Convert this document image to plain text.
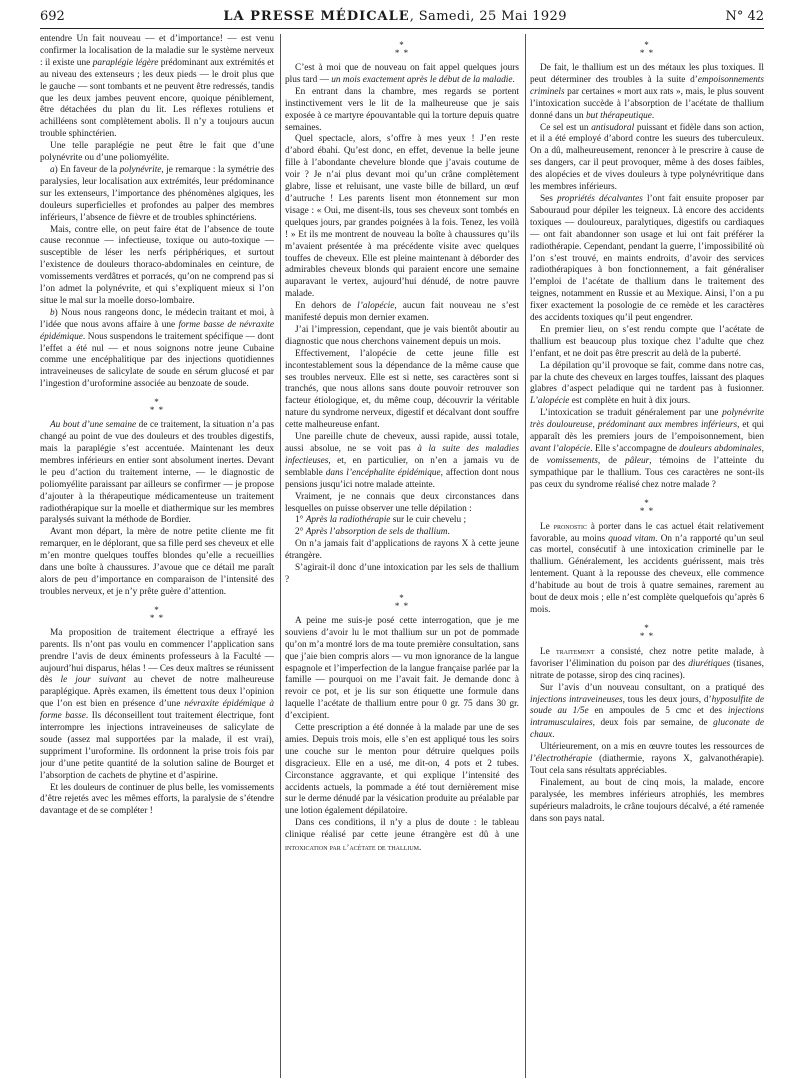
692	LA PRESSE MÉDICALE, Samedi, 25 Mai 1929	N° 42

entendre Un fait nouveau — et d’importance! — est venu confirmer la localisation de la maladie sur le système nerveux : il existe une paraplégie légère prédominant aux extrémités et au niveau des extenseurs ; les deux pieds — le droit plus que le gauche — sont tombants et ne peuvent être redressés, tandis que les deux jambes peuvent encore, quoique péniblement, être détachées du plan du lit. Les réflexes rotuliens et achilléens sont complètement abolis. Il n’y a toujours aucun trouble sphinctérien.

Une telle paraplégie ne peut être le fait que d’une polynévrite ou d’une poliomyélite.

a) En faveur de la polynévrite, je remarque : la symétrie des paralysies, leur localisation aux extrémités, leur prédominance sur les extenseurs, l’importance des phénomènes algiques, les douleurs superficielles et profondes au palper des membres inférieurs, l’absence de fièvre et de troubles sphinctériens.

Mais, contre elle, on peut faire état de l’absence de toute cause reconnue — infectieuse, toxique ou auto-toxique — susceptible de léser les nerfs périphériques, et surtout l’existence de douleurs thoraco-abdominales en ceinture, de vomissements verdâtres et porracés, qu’on ne comprend pas si l’on admet la polynévrite, et qui s’expliquent mieux si l’on situe le mal sur la moelle dorso-lombaire.

b) Nous nous rangeons donc, le médecin traitant et moi, à l’idée que nous avons affaire à une forme basse de névraxite épidémique. Nous suspendons le traitement spécifique — dont l’effet a été nul — et nous soignons notre jeune Cubaine comme une encéphalitique par des injections quotidiennes intraveineuses de salicylate de soude en sérum glucosé et par l’ingestion d’uroformine associée au benzoate de soude.

*
* *

Au bout d’une semaine de ce traitement, la situation n’a pas changé au point de vue des douleurs et des troubles digestifs, mais la paraplégie s’est accentuée. Maintenant les deux membres inférieurs en entier sont absolument inertes. Devant le peu d’action du traitement interne, — le diagnostic de poliomyélite paraissant par ailleurs se confirmer — je propose d’ajouter à la thérapeutique médicamenteuse un traitement radiothérapique sur la moelle et diathermique sur les membres paralysés suivant la méthode de Bordier.

Avant mon départ, la mère de notre petite cliente me fit remarquer, en le déplorant, que sa fille perd ses cheveux et elle m’en montre quelques touffes blondes qu’elle a recueillies dans une boîte à chaussures. J’avoue que ce détail me paraît alors de peu d’importance en comparaison de l’intensité des troubles nerveux, et je n’y prête guère d’attention.

*
* *

Ma proposition de traitement électrique a effrayé les parents. Ils n’ont pas voulu en commencer l’application sans prendre l’avis de deux éminents professeurs à la Faculté — aujourd’hui disparus, hélas ! — Ces deux maîtres se réunissent dès le jour suivant au chevet de notre malheureuse paraplégique. Après examen, ils émettent tous deux l’opinion que l’on est bien en présence d’une névraxite épidémique à forme basse. Ils déconseillent tout traitement électrique, font interrompre les injections intraveineuses de salicylate de soude (assez mal supportées par la malade, il est vrai), suppriment l’uroformine. Ils ordonnent la prise trois fois par jour d’une petite quantité de la solution saline de Bourget et l’absorption de cachets de phytine et d’aspirine.

Et les douleurs de continuer de plus belle, les vomissements d’être rejetés avec les mêmes efforts, la paralysie de s’étendre davantage et de se compléter !

*
* *

C’est à moi que de nouveau on fait appel quelques jours plus tard — un mois exactement après le début de la maladie.

En entrant dans la chambre, mes regards se portent instinctivement vers le lit de la malheureuse que je sais exposée à ce martyre épouvantable qui la torture depuis quatre semaines.

Quel spectacle, alors, s’offre à mes yeux ! J’en reste d’abord ébahi. Qu’est donc, en effet, devenue la belle jeune fille à l’abondante chevelure blonde que j’avais coutume de voir ? Je n’ai plus devant moi qu’un crâne complètement glabre, lisse et reluisant, une vaste bille de billard, un œuf d’autruche ! Les parents lisent mon étonnement sur mon visage : « Oui, me disent-ils, tous ses cheveux sont tombés en quelques jours, par grandes poignées à la fois. Tenez, les voilà ! » Et ils me montrent de nouveau la boîte à chaussures qu’ils m’avaient présentée à ma précédente visite avec quelques touffes de cheveux. Elle est pleine maintenant à déborder des admirables cheveux blonds qui paraient encore une semaine auparavant le vertex, aujourd’hui dénudé, de notre pauvre malade.

En dehors de l’alopécie, aucun fait nouveau ne s’est manifesté depuis mon dernier examen.

J’ai l’impression, cependant, que je vais bientôt aboutir au diagnostic que nous cherchons vainement depuis un mois.

Effectivement, l’alopécie de cette jeune fille est incontestablement sous la dépendance de la même cause que ses troubles nerveux. Elle est si nette, ses caractères sont si tranchés, que nous allons sans doute pouvoir retrouver son facteur étiologique, et, du même coup, découvrir la véritable nature du syndrome nerveux, digestif et décalvant dont souffre cette malheureuse enfant.

Une pareille chute de cheveux, aussi rapide, aussi totale, aussi absolue, ne se voit pas à la suite des maladies infectieuses, et, en particulier, on n’en a jamais vu de semblable dans l’encéphalite épidémique, affection dont nous pensions jusqu’ici notre malade atteinte.

Vraiment, je ne connais que deux circonstances dans lesquelles on puisse observer une telle dépilation :

1° Après la radiothérapie sur le cuir chevelu ;

2° Après l’absorption de sels de thallium.

On n’a jamais fait d’applications de rayons X à cette jeune étrangère.

S’agirait-il donc d’une intoxication par les sels de thallium ?

*
* *

A peine me suis-je posé cette interrogation, que je me souviens d’avoir lu le mot thallium sur un pot de pommade qu’on m’a montré lors de ma toute première consultation, sans que j’aie bien compris alors — vu mon ignorance de la langue espagnole et l’imperfection de la langue française parlée par la famille — pourquoi on me l’avait fait. Je demande donc à revoir ce pot, et je lis sur son étiquette une formule dans laquelle l’acétate de thallium entre pour 0 gr. 75 dans 30 gr. d’excipient.

Cette prescription a été donnée à la malade par une de ses amies. Depuis trois mois, elle s’en est appliqué tous les soirs une couche sur le menton pour détruire quelques poils disgracieux. Elle en a usé, me dit-on, 4 pots et 2 tubes. Circonstance aggravante, et qui explique l’intensité des accidents actuels, la pommade a été tout dernièrement mise sur le derme dénudé par la vésication produite au préalable par une lotion également dépilatoire.

Dans ces conditions, il n’y a plus de doute : le tableau clinique réalisé par cette jeune étrangère est dû à une intoxication par l’acétate de thallium.

*
* *

De fait, le thallium est un des métaux les plus toxiques. Il peut déterminer des troubles à la suite d’empoisonnements criminels par certaines « mort aux rats », mais, le plus souvent l’intoxication succède à l’absorption de l’acétate de thallium donné dans un but thérapeutique.

Ce sel est un antisudoral puissant et fidèle dans son action, et il a été employé d’abord contre les sueurs des tuberculeux. On a dû, malheureusement, renoncer à le prescrire à cause de ses dangers, car il peut provoquer, même à des doses faibles, des alopécies et de vives douleurs à type polynévritique dans les membres inférieurs.

Ses propriétés décalvantes l’ont fait ensuite proposer par Sabouraud pour dépiler les teigneux. Là encore des accidents toxiques — douloureux, paralytiques, digestifs ou cardiaques — ont fait abandonner son usage et lui ont fait préférer la radiothérapie. Cependant, pendant la guerre, l’impossibilité où l’on s’est trouvé, en maints endroits, d’avoir des services radiothérapiques à bon fonctionnement, a fait généraliser l’emploi de l’acétate de thallium dans le traitement des teignes, notamment en Russie et au Mexique. Ainsi, l’on a pu fixer exactement la posologie de ce remède et les caractères des accidents toxiques qu’il peut engendrer.

En premier lieu, on s’est rendu compte que l’acétate de thallium est beaucoup plus toxique chez l’adulte que chez l’enfant, et ne doit pas être prescrit au delà de la puberté.

La dépilation qu’il provoque se fait, comme dans notre cas, par la chute des cheveux en larges touffes, laissant des plaques glabres d’aspect peladique qui ne tardent pas à fusionner. L’alopécie est complète en huit à dix jours.

L’intoxication se traduit généralement par une polynévrite très douloureuse, prédominant aux membres inférieurs, et qui apparaît dès les premiers jours de l’empoisonnement, bien avant l’alopécie. Elle s’accompagne de douleurs abdominales, de vomissements, de pâleur, témoins de l’atteinte du sympathique par le thallium. Tous ces caractères ne sont-ils pas ceux du syndrome réalisé chez notre malade ?

*
* *

Le pronostic à porter dans le cas actuel était relativement favorable, au moins quoad vitam. On n’a rapporté qu’un seul cas mortel, consécutif à une intoxication criminelle par le thallium. Généralement, les accidents guérissent, mais très lentement. Quant à la repousse des cheveux, elle commence d’habitude au bout de trois à quatre semaines, rarement au bout de deux mois ; elle n’est complète quelquefois qu’après 6 mois.

*
* *

Le traitement a consisté, chez notre petite malade, à favoriser l’élimination du poison par des diurétiques (tisanes, nitrate de potasse, sirop des cinq racines).

Sur l’avis d’un nouveau consultant, on a pratiqué des injections intraveineuses, tous les deux jours, d’hyposulfite de soude au 1/5e en ampoules de 5 cmc et des injections intramusculaires, deux fois par semaine, de gluconate de chaux.

Ultérieurement, on a mis en œuvre toutes les ressources de l’électrothérapie (diathermie, rayons X, galvanothérapie). Tout cela sans résultats appréciables.

Finalement, au bout de cinq mois, la malade, encore paralysée, les membres inférieurs atrophiés, les membres supérieurs maladroits, le crâne toujours décalvé, a été ramenée dans son pays natal.
